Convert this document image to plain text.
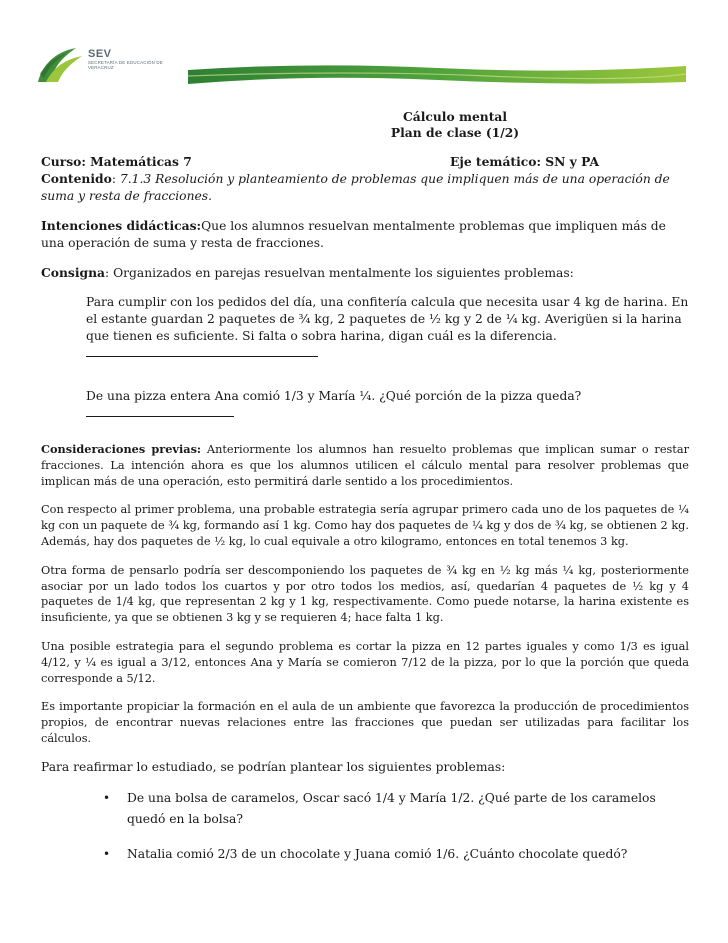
SEV
SECRETARÍA DE EDUCACIÓN DE VERACRUZ
Cálculo mental
Plan de clase (1/2)
Curso: Matemáticas 7	Eje temático: SN y PA
Contenido: 7.1.3 Resolución y planteamiento de problemas que impliquen más de una operación de suma y resta de fracciones.
Intenciones didácticas:Que los alumnos resuelvan mentalmente problemas que impliquen más de una operación de suma y resta de fracciones.
Consigna: Organizados en parejas resuelvan mentalmente los siguientes problemas:
Para cumplir con los pedidos del día, una confitería calcula que necesita usar 4 kg de harina. En el estante guardan 2 paquetes de ¾ kg, 2 paquetes de ½ kg y 2 de ¼ kg. Averigüen si la harina que tienen es suficiente. Si falta o sobra harina, digan cuál es la diferencia.
De una pizza entera Ana comió 1/3 y María ¼. ¿Qué porción de la pizza queda?
Consideraciones previas: Anteriormente los alumnos han resuelto problemas que implican sumar o restar fracciones. La intención ahora es que los alumnos utilicen el cálculo mental para resolver problemas que implican más de una operación, esto permitirá darle sentido a los procedimientos.
Con respecto al primer problema, una probable estrategia sería agrupar primero cada uno de los paquetes de ¼ kg con un paquete de ¾ kg, formando así 1 kg. Como hay dos paquetes de ¼ kg y dos de ¾ kg, se obtienen 2 kg. Además, hay dos paquetes de ½ kg, lo cual equivale a otro kilogramo, entonces en total tenemos 3 kg.
Otra forma de pensarlo podría ser descomponiendo los paquetes de ¾ kg en ½ kg más ¼ kg, posteriormente asociar por un lado todos los cuartos y por otro todos los medios, así, quedarían 4 paquetes de ½ kg y 4 paquetes de 1/4 kg, que representan 2 kg y 1 kg, respectivamente. Como puede notarse, la harina existente es insuficiente, ya que se obtienen 3 kg y se requieren 4; hace falta 1 kg.
Una posible estrategia para el segundo problema es cortar la pizza en 12 partes iguales y como 1/3 es igual 4/12, y ¼ es igual a 3/12, entonces Ana y María se comieron 7/12 de la pizza, por lo que la porción que queda corresponde a 5/12.
Es importante propiciar la formación en el aula de un ambiente que favorezca la producción de procedimientos propios, de encontrar nuevas relaciones entre las fracciones que puedan ser utilizadas para facilitar los cálculos.
Para reafirmar lo estudiado, se podrían plantear los siguientes problemas:
•	De una bolsa de caramelos, Oscar sacó 1/4 y María 1/2. ¿Qué parte de los caramelos quedó en la bolsa?
•	Natalia comió 2/3 de un chocolate y Juana comió 1/6. ¿Cuánto chocolate quedó?
